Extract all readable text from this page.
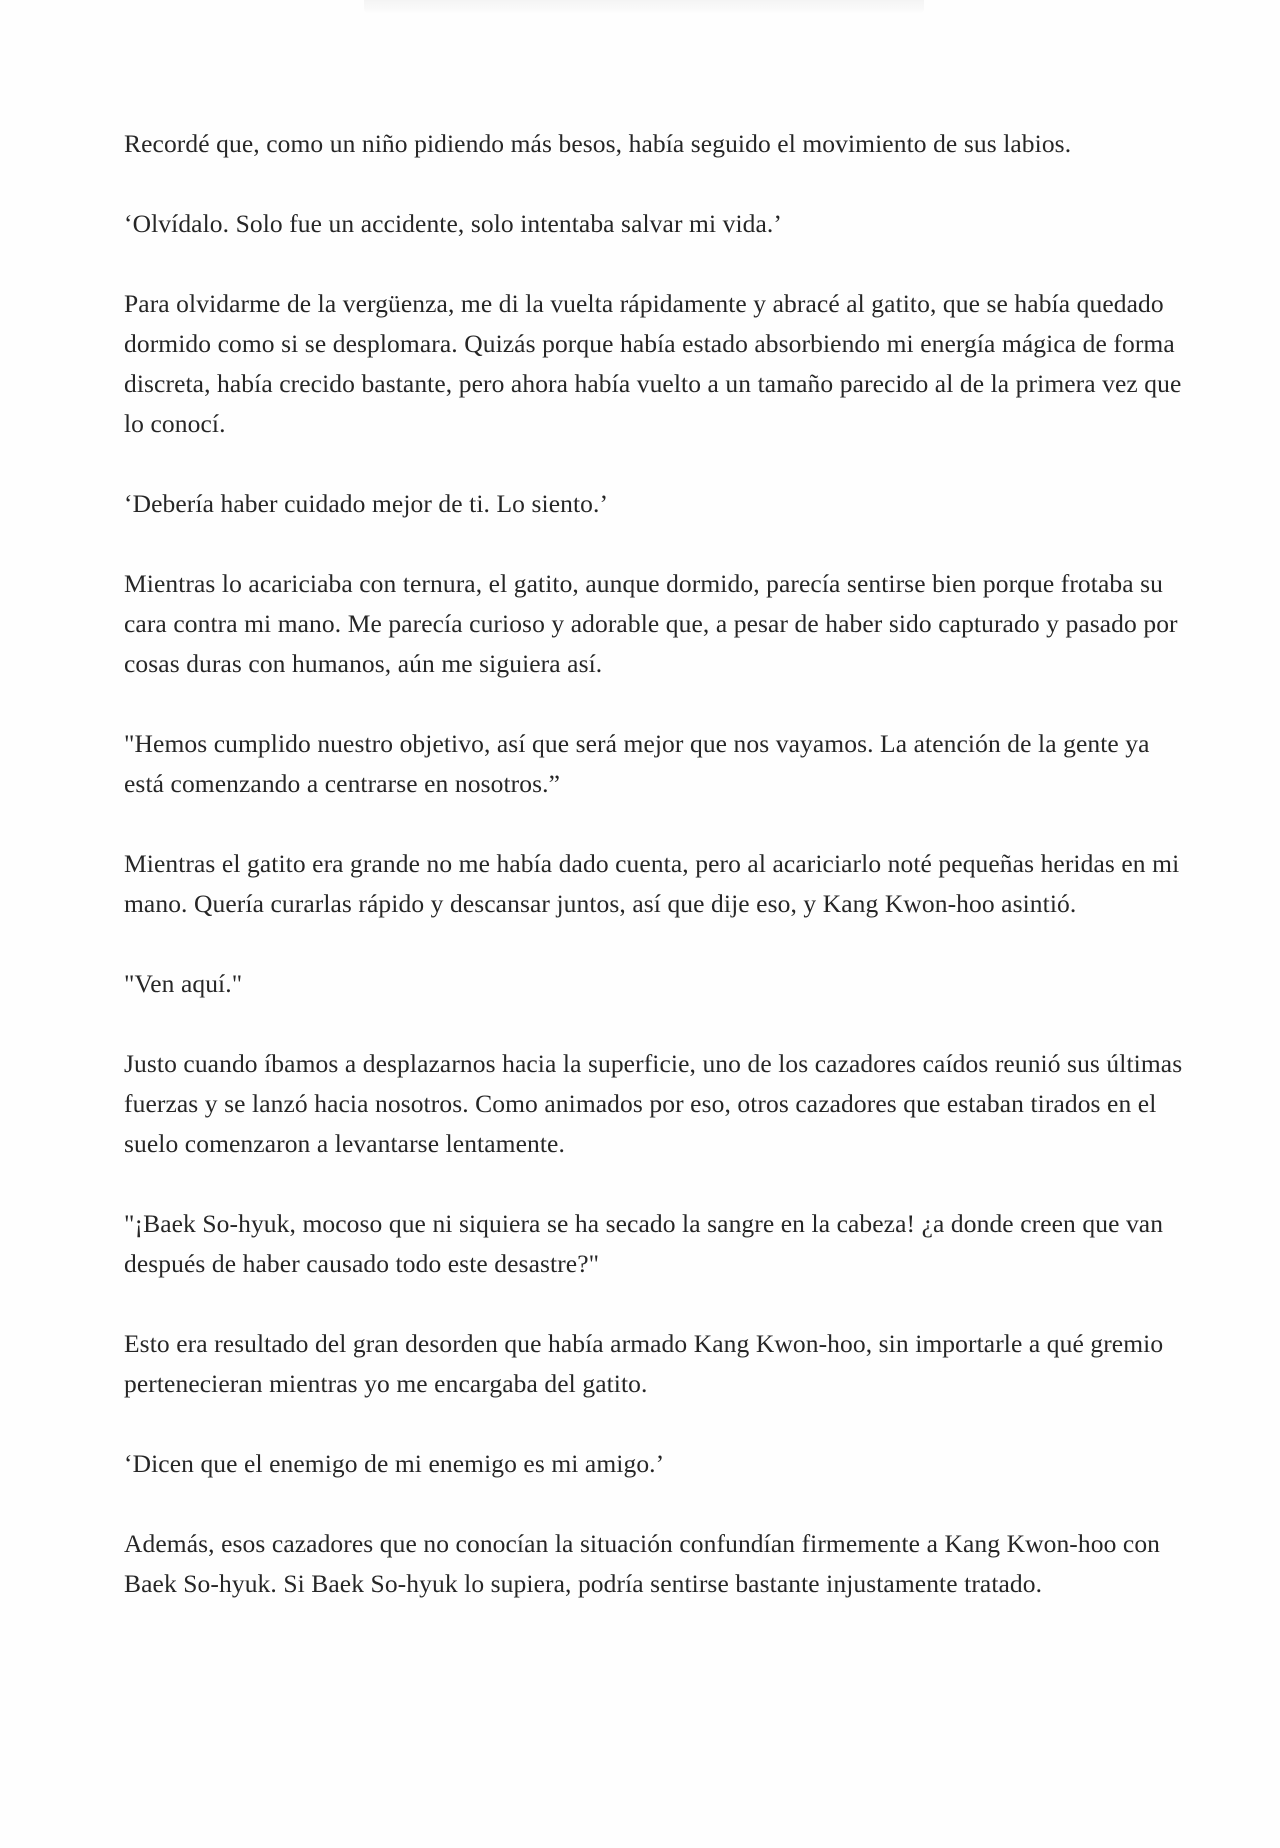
Recordé que, como un niño pidiendo más besos, había seguido el movimiento de sus labios.

‘Olvídalo. Solo fue un accidente, solo intentaba salvar mi vida.’

Para olvidarme de la vergüenza, me di la vuelta rápidamente y abracé al gatito, que se había quedado dormido como si se desplomara. Quizás porque había estado absorbiendo mi energía mágica de forma discreta, había crecido bastante, pero ahora había vuelto a un tamaño parecido al de la primera vez que lo conocí.

‘Debería haber cuidado mejor de ti. Lo siento.’

Mientras lo acariciaba con ternura, el gatito, aunque dormido, parecía sentirse bien porque frotaba su cara contra mi mano. Me parecía curioso y adorable que, a pesar de haber sido capturado y pasado por cosas duras con humanos, aún me siguiera así.

"Hemos cumplido nuestro objetivo, así que será mejor que nos vayamos. La atención de la gente ya está comenzando a centrarse en nosotros.”

Mientras el gatito era grande no me había dado cuenta, pero al acariciarlo noté pequeñas heridas en mi mano. Quería curarlas rápido y descansar juntos, así que dije eso, y Kang Kwon-hoo asintió.

"Ven aquí."

Justo cuando íbamos a desplazarnos hacia la superficie, uno de los cazadores caídos reunió sus últimas fuerzas y se lanzó hacia nosotros. Como animados por eso, otros cazadores que estaban tirados en el suelo comenzaron a levantarse lentamente.

"¡Baek So-hyuk, mocoso que ni siquiera se ha secado la sangre en la cabeza! ¿a donde creen que van después de haber causado todo este desastre?"

Esto era resultado del gran desorden que había armado Kang Kwon-hoo, sin importarle a qué gremio pertenecieran mientras yo me encargaba del gatito.

‘Dicen que el enemigo de mi enemigo es mi amigo.’

Además, esos cazadores que no conocían la situación confundían firmemente a Kang Kwon-hoo con Baek So-hyuk. Si Baek So-hyuk lo supiera, podría sentirse bastante injustamente tratado.
